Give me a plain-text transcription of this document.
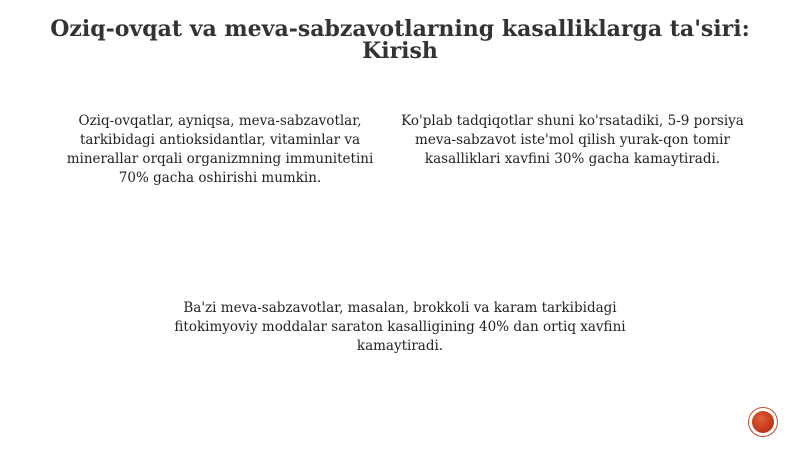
Oziq-ovqat va meva-sabzavotlarning kasalliklarga ta'siri:
Kirish
Oziq-ovqatlar, ayniqsa, meva-sabzavotlar, tarkibidagi antioksidantlar, vitaminlar va minerallar orqali organizmning immunitetini 70% gacha oshirishi mumkin.
Ko'plab tadqiqotlar shuni ko'rsatadiki, 5-9 porsiya meva-sabzavot iste'mol qilish yurak-qon tomir kasalliklari xavfini 30% gacha kamaytiradi.
Ba'zi meva-sabzavotlar, masalan, brokkoli va karam tarkibidagi fitokimyoviy moddalar saraton kasalligining 40% dan ortiq xavfini kamaytiradi.
